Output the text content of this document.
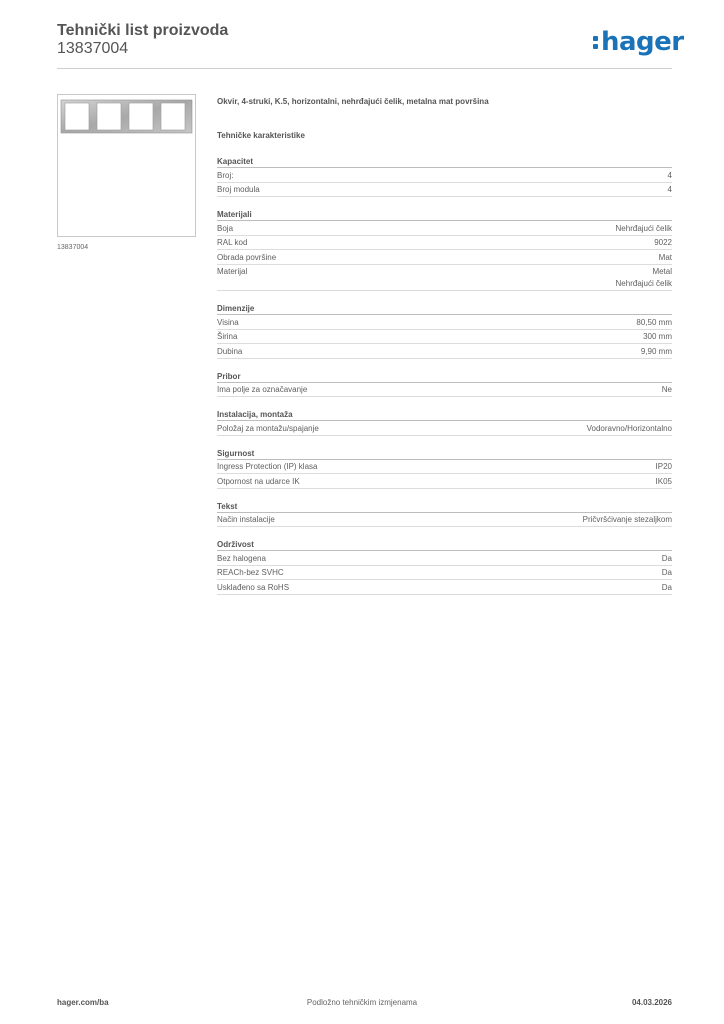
Tehnički list proizvoda
13837004	hager
13837004
Okvir, 4-struki, K.5, horizontalni, nehrđajući čelik, metalna mat površina
Tehničke karakteristike
Kapacitet
Broj:	4
Broj modula	4
Materijali
Boja	Nehrđajući čelik
RAL kod	9022
Obrada površine	Mat
Materijal	Metal
Nehrđajući čelik
Dimenzije
Visina	80,50 mm
Širina	300 mm
Dubina	9,90 mm
Pribor
Ima polje za označavanje	Ne
Instalacija, montaža
Položaj za montažu/spajanje	Vodoravno/Horizontalno
Sigurnost
Ingress Protection (IP) klasa	IP20
Otpornost na udarce IK	IK05
Tekst
Način instalacije	Pričvršćivanje stezaljkom
Održivost
Bez halogena	Da
REACh-bez SVHC	Da
Usklađeno sa RoHS	Da
hager.com/ba	Podložno tehničkim izmjenama	04.03.2026
